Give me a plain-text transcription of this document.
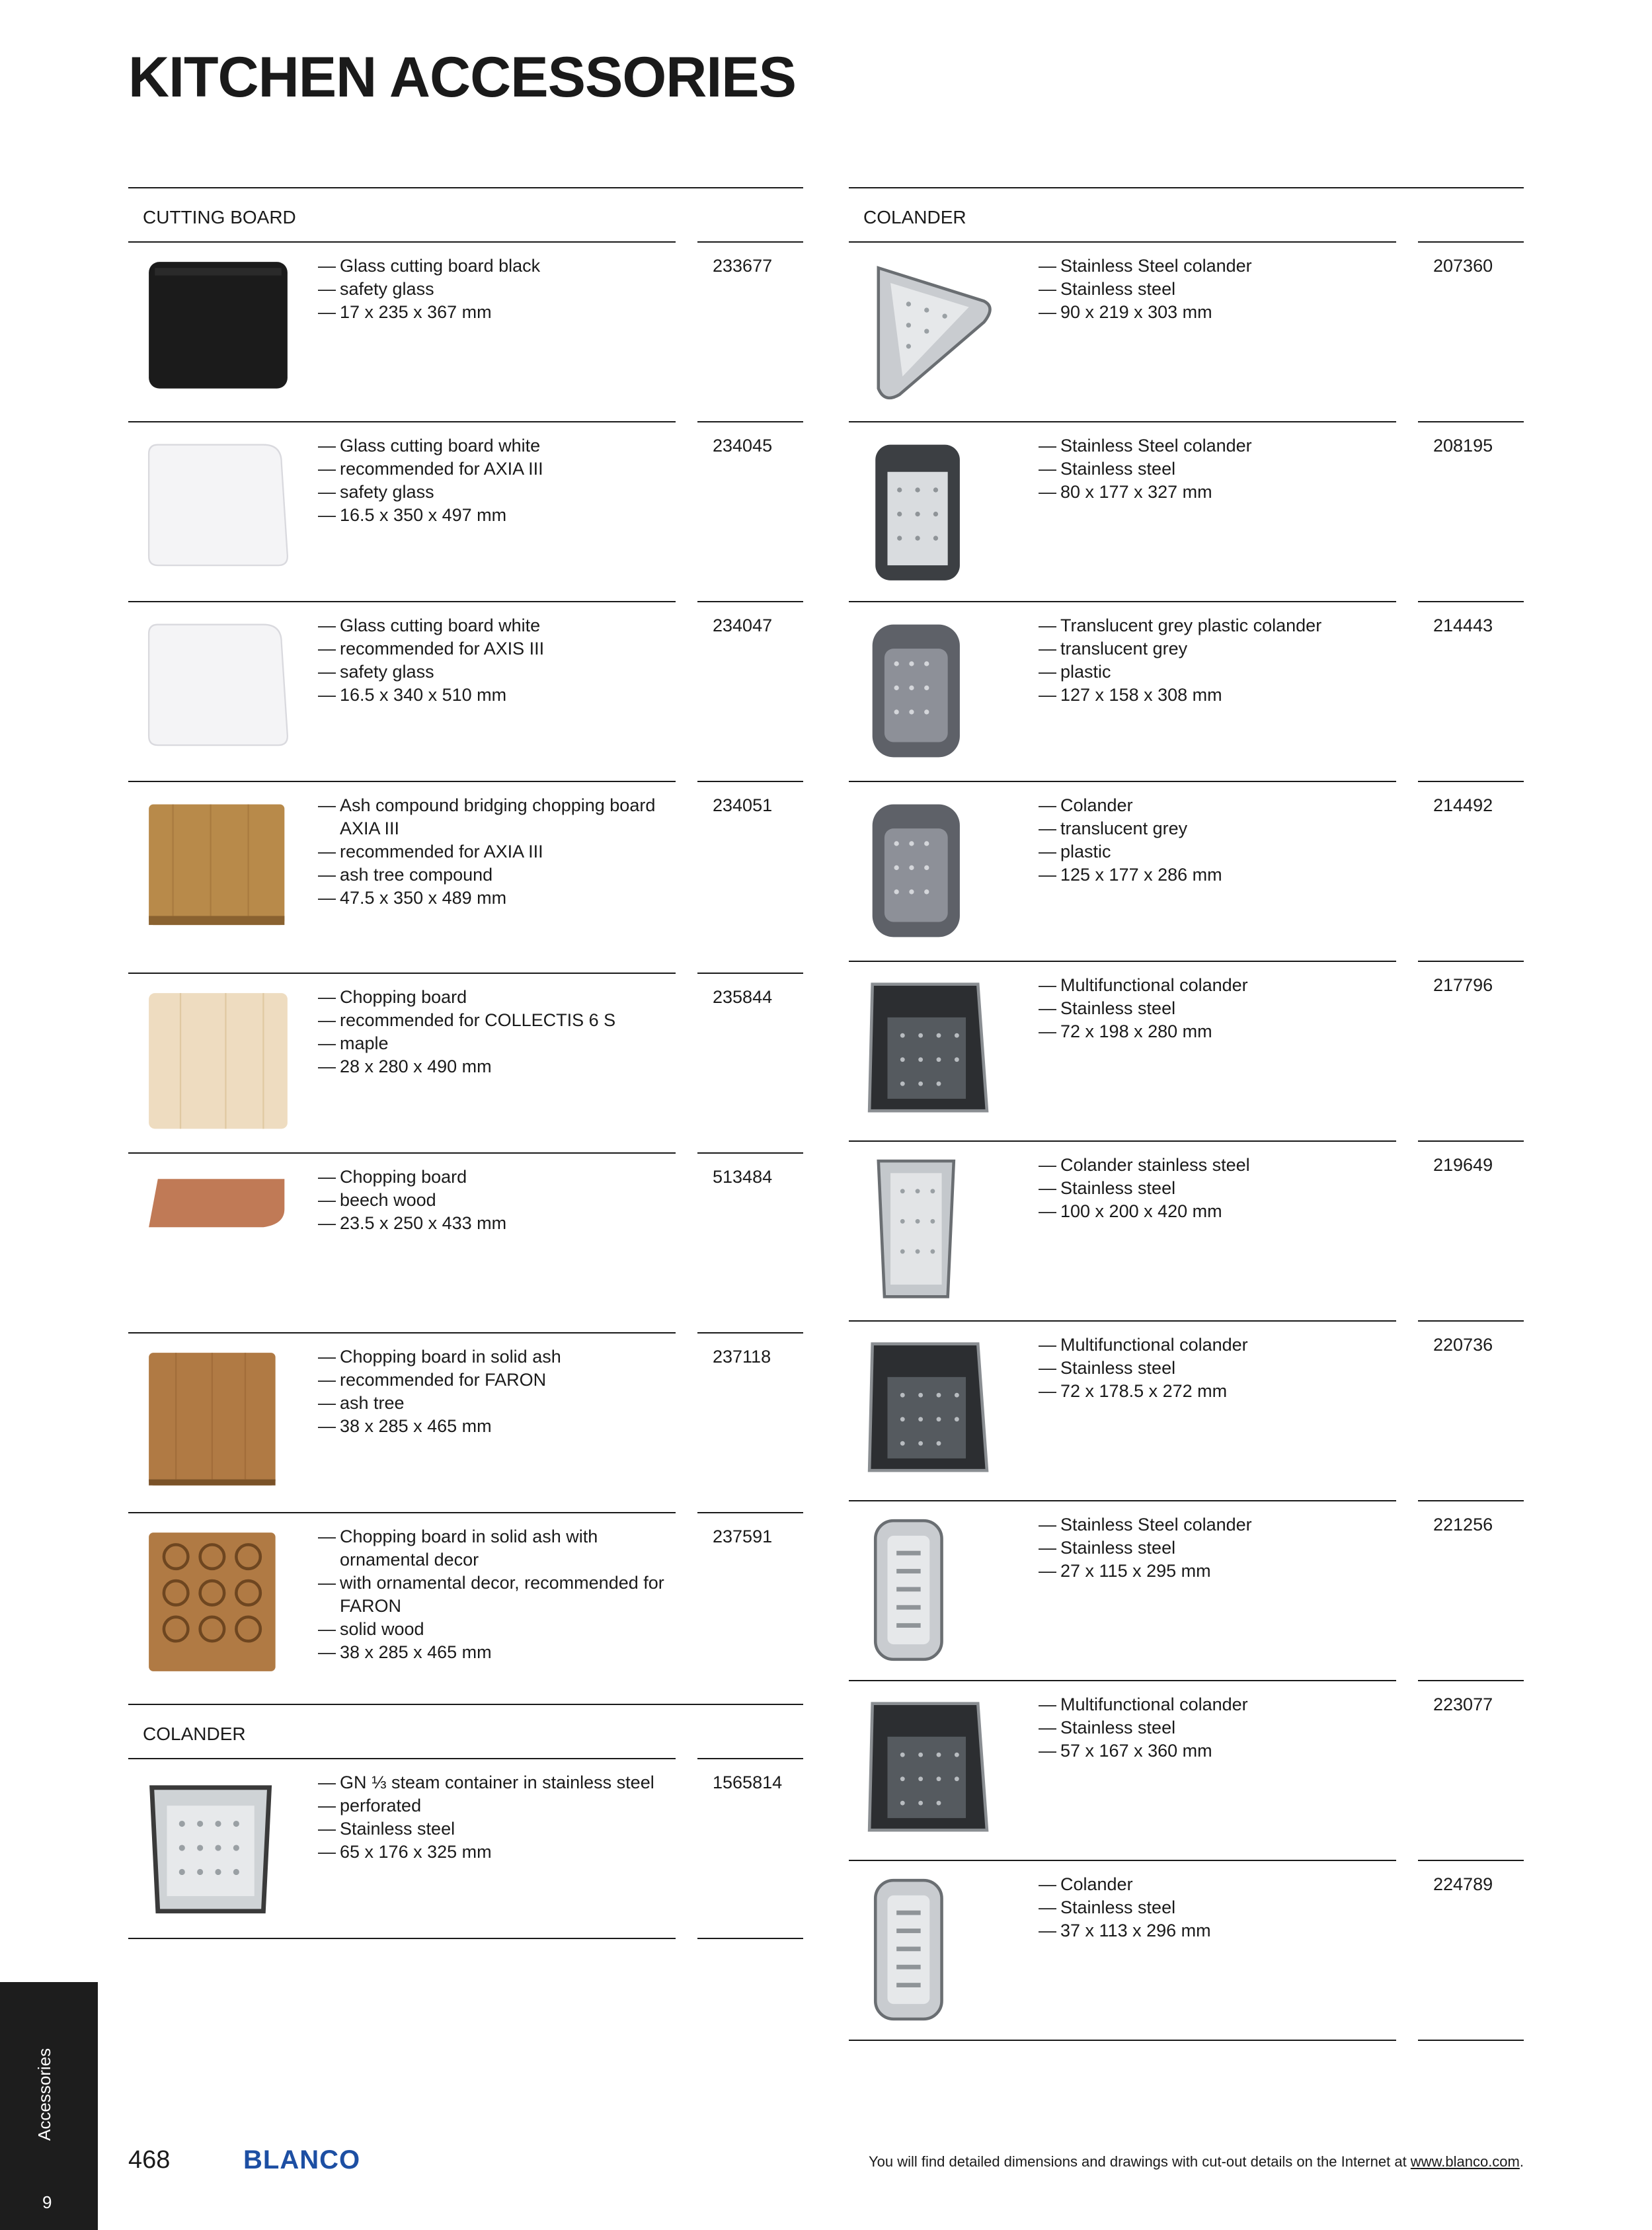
KITCHEN ACCESSORIES
CUTTING BOARD
— Glass cutting board black
— safety glass
— 17 x 235 x 367 mm
233677
— Glass cutting board white
— recommended for AXIA III
— safety glass
— 16.5 x 350 x 497 mm
234045
— Glass cutting board white
— recommended for AXIS III
— safety glass
— 16.5 x 340 x 510 mm
234047
— Ash compound bridging chopping board AXIA III
— recommended for AXIA III
— ash tree compound
— 47.5 x 350 x 489 mm
234051
— Chopping board
— recommended for COLLECTIS 6 S
— maple
— 28 x 280 x 490 mm
235844
— Chopping board
— beech wood
— 23.5 x 250 x 433 mm
513484
— Chopping board in solid ash
— recommended for FARON
— ash tree
— 38 x 285 x 465 mm
237118
— Chopping board in solid ash with ornamental decor
— with ornamental decor, recommended for FARON
— solid wood
— 38 x 285 x 465 mm
237591
COLANDER
— GN ⅓ steam container in stainless steel
— perforated
— Stainless steel
— 65 x 176 x 325 mm
1565814
COLANDER
— Stainless Steel colander
— Stainless steel
— 90 x 219 x 303 mm
207360
— Stainless Steel colander
— Stainless steel
— 80 x 177 x 327 mm
208195
— Translucent grey plastic colander
— translucent grey
— plastic
— 127 x 158 x 308 mm
214443
— Colander
— translucent grey
— plastic
— 125 x 177 x 286 mm
214492
— Multifunctional colander
— Stainless steel
— 72 x 198 x 280 mm
217796
— Colander stainless steel
— Stainless steel
— 100 x 200 x 420 mm
219649
— Multifunctional colander
— Stainless steel
— 72 x 178.5 x 272 mm
220736
— Stainless Steel colander
— Stainless steel
— 27 x 115 x 295 mm
221256
— Multifunctional colander
— Stainless steel
— 57 x 167 x 360 mm
223077
— Colander
— Stainless steel
— 37 x 113 x 296 mm
224789
Accessories
9
468	BLANCO	You will find detailed dimensions and drawings with cut-out details on the Internet at www.blanco.com.
